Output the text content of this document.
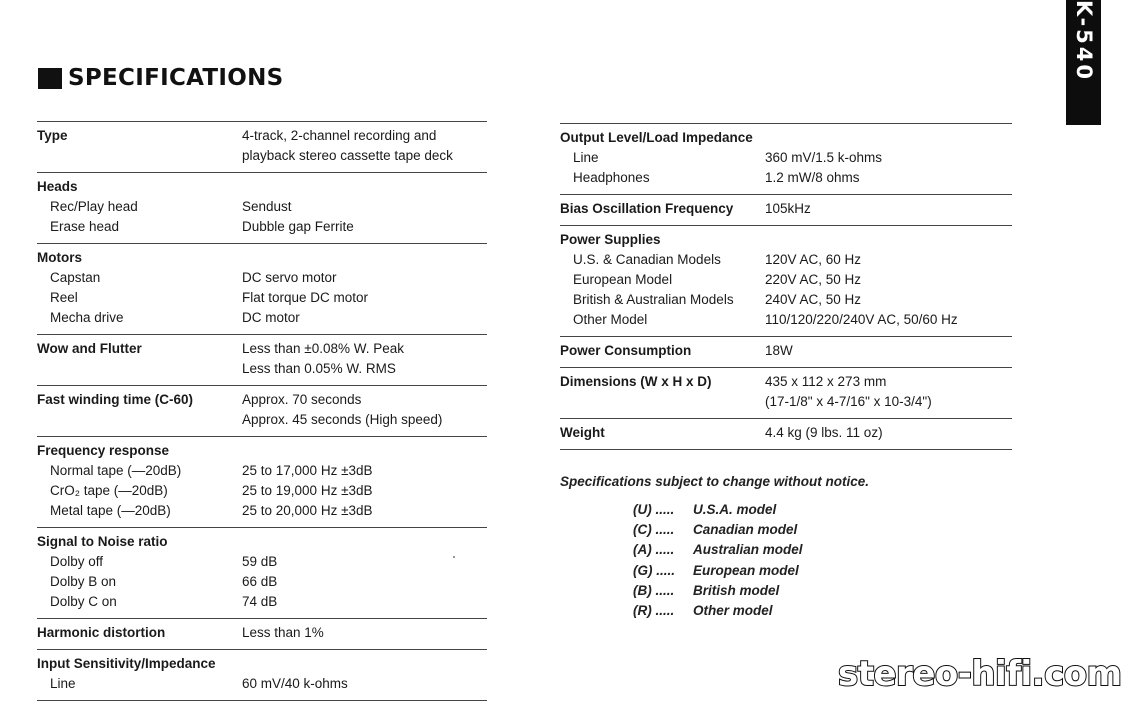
SPECIFICATIONS	K-540
Type	4-track, 2-channel recording and
playback stereo cassette tape deck
Heads
Rec/Play head	Sendust
Erase head	Dubble gap Ferrite
Motors
Capstan	DC servo motor
Reel	Flat torque DC motor
Mecha drive	DC motor
Wow and Flutter	Less than ±0.08% W. Peak
Less than 0.05% W. RMS
Fast winding time (C-60)	Approx. 70 seconds
Approx. 45 seconds (High speed)
Frequency response
Normal tape (—20dB)	25 to 17,000 Hz ±3dB
CrO₂ tape (—20dB)	25 to 19,000 Hz ±3dB
Metal tape (—20dB)	25 to 20,000 Hz ±3dB
Signal to Noise ratio
Dolby off	59 dB
Dolby B on	66 dB
Dolby C on	74 dB
Harmonic distortion	Less than 1%
Input Sensitivity/Impedance
Line	60 mV/40 k-ohms
Output Level/Load Impedance
Line	360 mV/1.5 k-ohms
Headphones	1.2 mW/8 ohms
Bias Oscillation Frequency	105kHz
Power Supplies
U.S. & Canadian Models	120V AC, 60 Hz
European Model	220V AC, 50 Hz
British & Australian Models	240V AC, 50 Hz
Other Model	110/120/220/240V AC, 50/60 Hz
Power Consumption	18W
Dimensions (W x H x D)	435 x 112 x 273 mm
(17-1/8" x 4-7/16" x 10-3/4")
Weight	4.4 kg (9 lbs. 11 oz)
Specifications subject to change without notice.
(U) .....	U.S.A. model
(C) .....	Canadian model
(A) .....	Australian model
(G) .....	European model
(B) .....	British model
(R) .....	Other model
stereo-hifi.com
